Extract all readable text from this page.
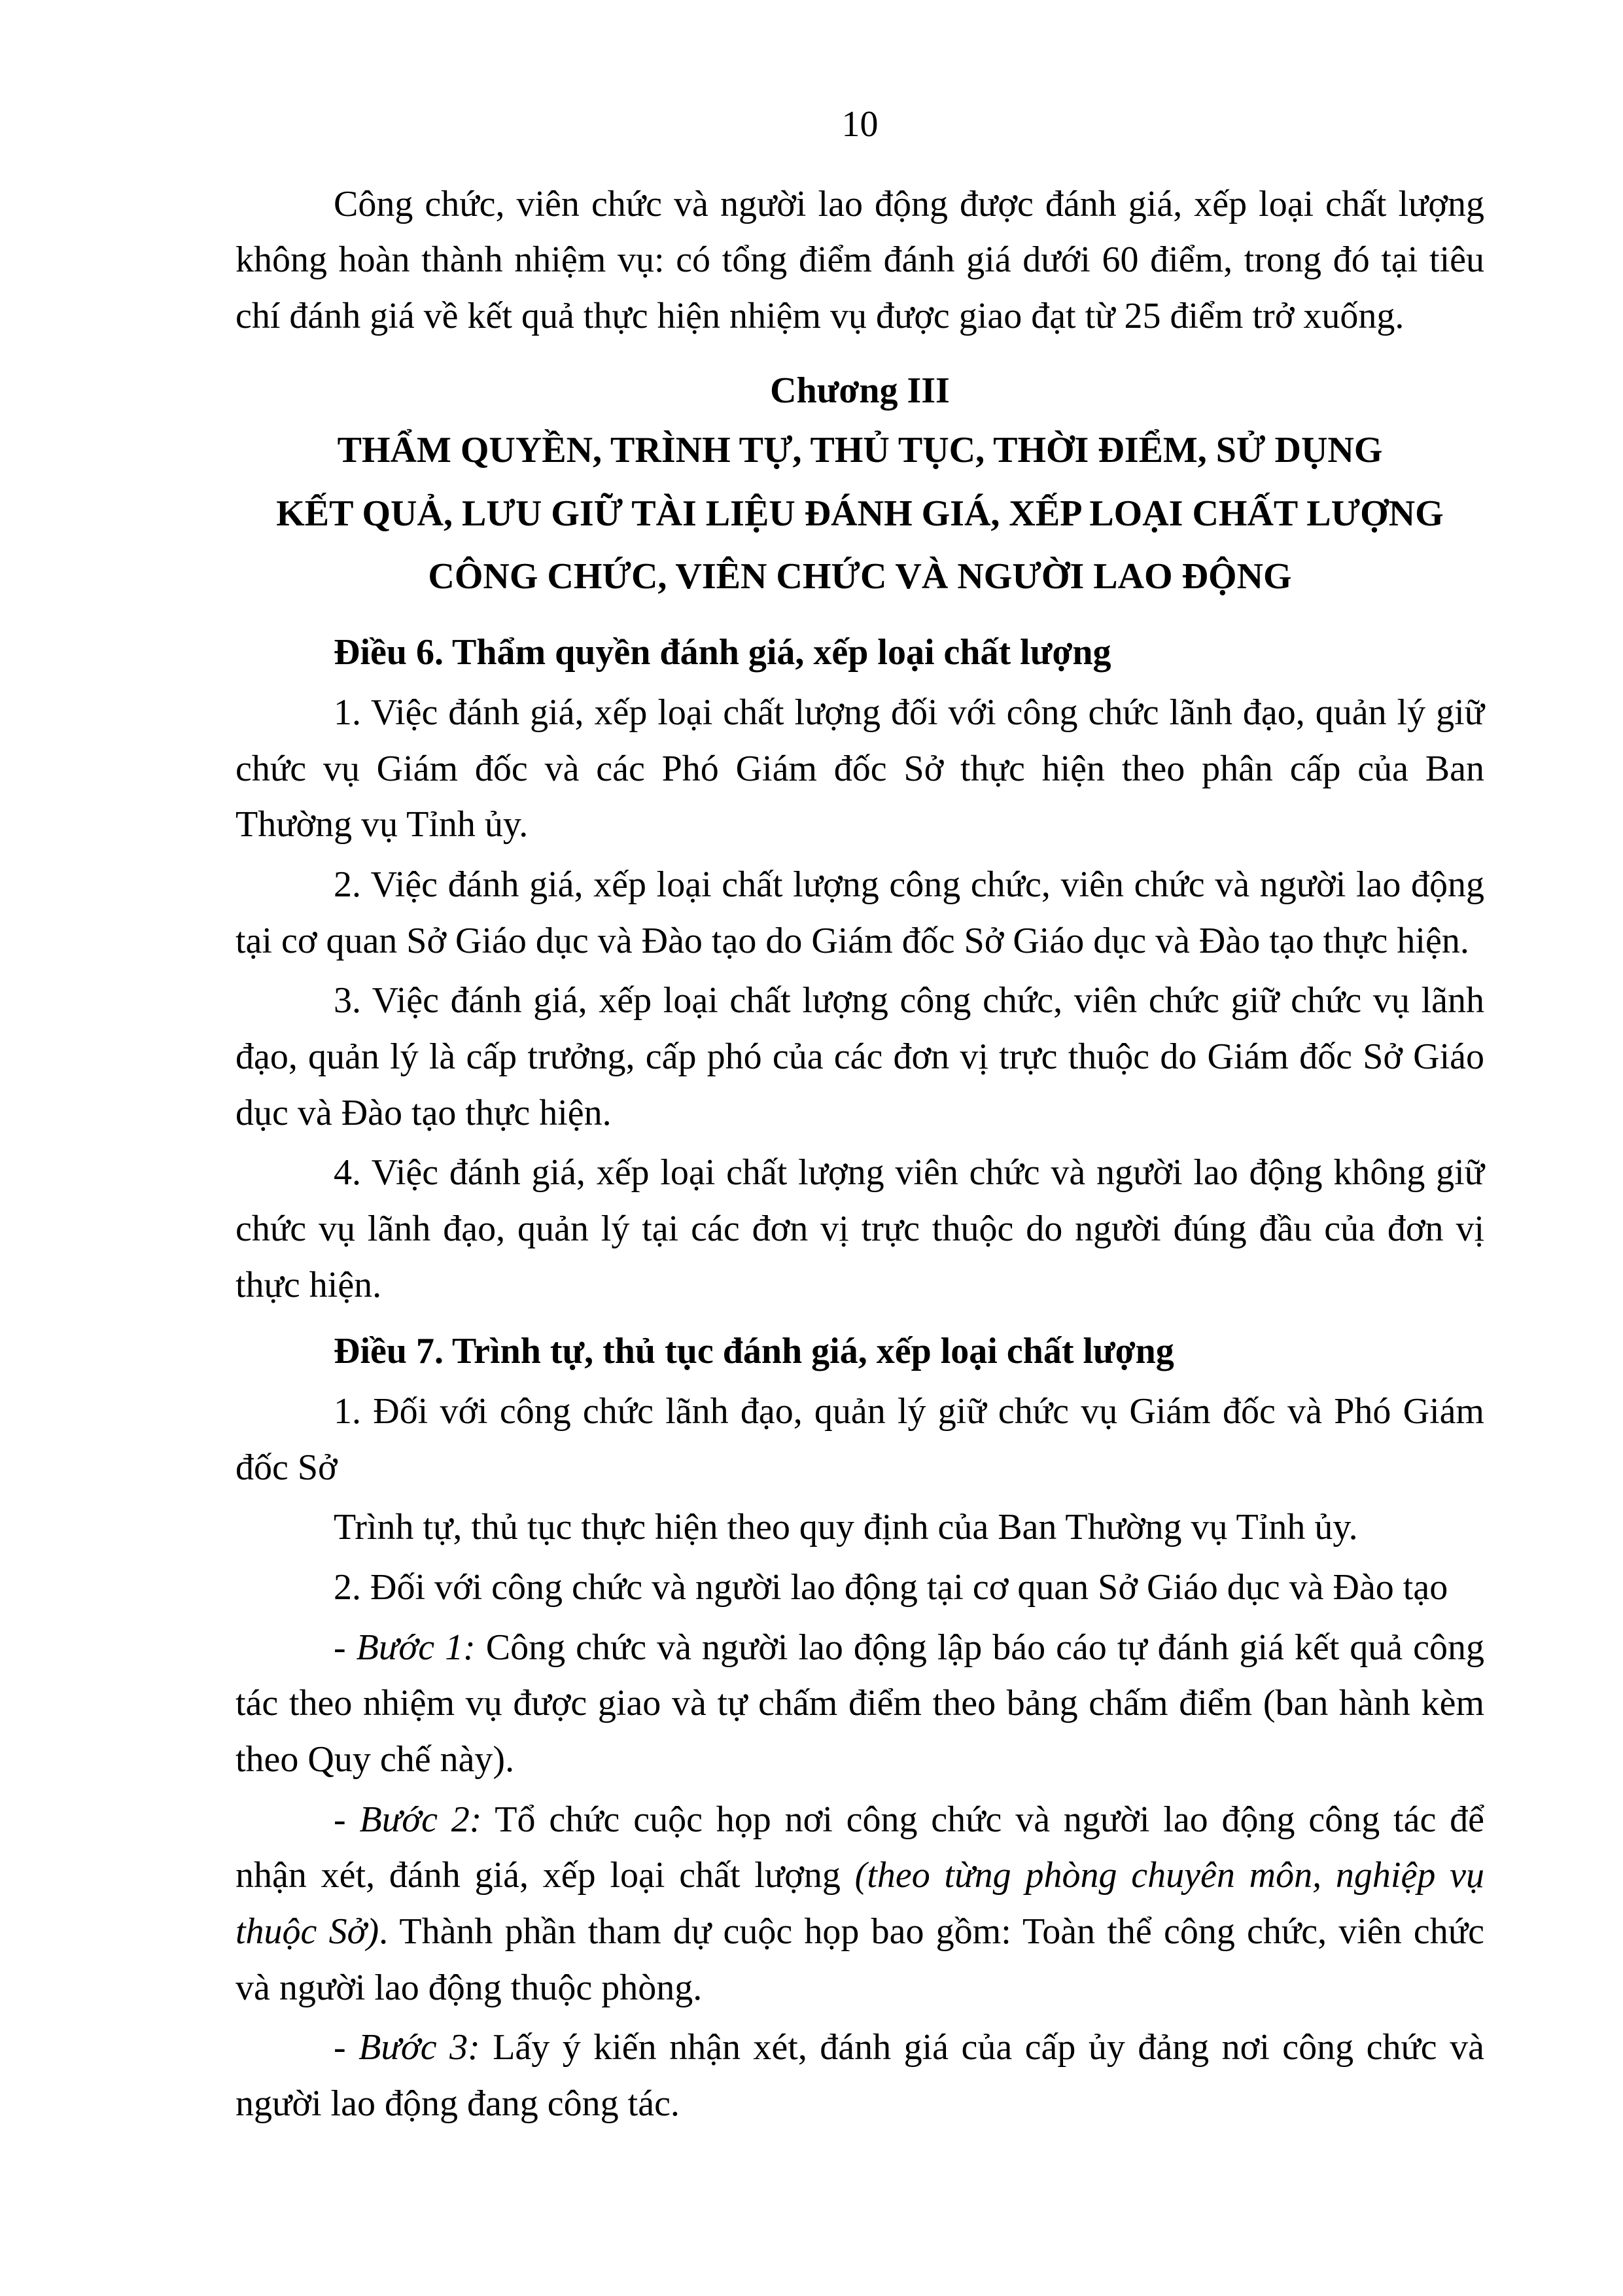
10

Công chức, viên chức và người lao động được đánh giá, xếp loại chất lượng không hoàn thành nhiệm vụ: có tổng điểm đánh giá dưới 60 điểm, trong đó tại tiêu chí đánh giá về kết quả thực hiện nhiệm vụ được giao đạt từ 25 điểm trở xuống.

Chương III

THẨM QUYỀN, TRÌNH TỰ, THỦ TỤC, THỜI ĐIỂM, SỬ DỤNG
KẾT QUẢ, LƯU GIỮ TÀI LIỆU ĐÁNH GIÁ, XẾP LOẠI CHẤT LƯỢNG
CÔNG CHỨC, VIÊN CHỨC VÀ NGƯỜI LAO ĐỘNG

Điều 6. Thẩm quyền đánh giá, xếp loại chất lượng

1. Việc đánh giá, xếp loại chất lượng đối với công chức lãnh đạo, quản lý giữ chức vụ Giám đốc và các Phó Giám đốc Sở thực hiện theo phân cấp của Ban Thường vụ Tỉnh ủy.

2. Việc đánh giá, xếp loại chất lượng công chức, viên chức và người lao động tại cơ quan Sở Giáo dục và Đào tạo do Giám đốc Sở Giáo dục và Đào tạo thực hiện.

3. Việc đánh giá, xếp loại chất lượng công chức, viên chức giữ chức vụ lãnh đạo, quản lý là cấp trưởng, cấp phó của các đơn vị trực thuộc do Giám đốc Sở Giáo dục và Đào tạo thực hiện.

4. Việc đánh giá, xếp loại chất lượng viên chức và người lao động không giữ chức vụ lãnh đạo, quản lý tại các đơn vị trực thuộc do người đúng đầu của đơn vị thực hiện.

Điều 7. Trình tự, thủ tục đánh giá, xếp loại chất lượng

1. Đối với công chức lãnh đạo, quản lý giữ chức vụ Giám đốc và Phó Giám đốc Sở

Trình tự, thủ tục thực hiện theo quy định của Ban Thường vụ Tỉnh ủy.

2. Đối với công chức và người lao động tại cơ quan Sở Giáo dục và Đào tạo

- Bước 1: Công chức và người lao động lập báo cáo tự đánh giá kết quả công tác theo nhiệm vụ được giao và tự chấm điểm theo bảng chấm điểm (ban hành kèm theo Quy chế này).

- Bước 2: Tổ chức cuộc họp nơi công chức và người lao động công tác để nhận xét, đánh giá, xếp loại chất lượng (theo từng phòng chuyên môn, nghiệp vụ thuộc Sở). Thành phần tham dự cuộc họp bao gồm: Toàn thể công chức, viên chức và người lao động thuộc phòng.

- Bước 3: Lấy ý kiến nhận xét, đánh giá của cấp ủy đảng nơi công chức và người lao động đang công tác.
